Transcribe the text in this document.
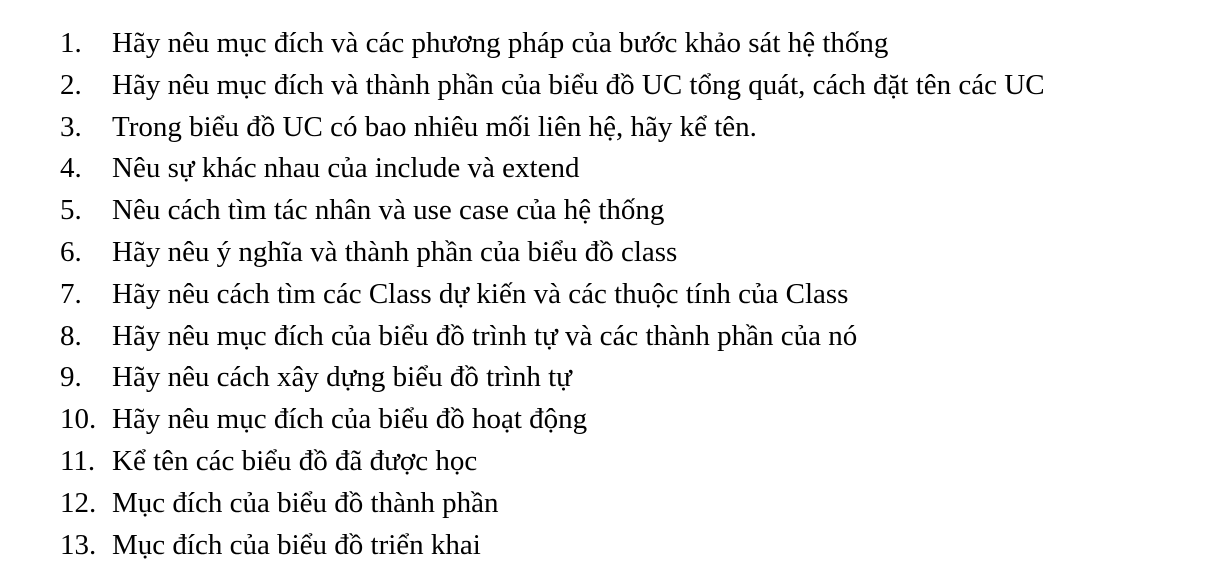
1.	Hãy nêu mục đích và các phương pháp của bước khảo sát hệ thống
2.	Hãy nêu mục đích và thành phần của biểu đồ UC tổng quát, cách đặt tên các UC
3.	Trong biểu đồ UC có bao nhiêu mối liên hệ, hãy kể tên.
4.	Nêu sự khác nhau của include và extend
5.	Nêu cách tìm tác nhân và use case của hệ thống
6.	Hãy nêu ý nghĩa và thành phần của biểu đồ class
7.	Hãy nêu cách tìm các Class dự kiến và các thuộc tính của Class
8.	Hãy nêu mục đích của biểu đồ trình tự và các thành phần của nó
9.	Hãy nêu cách xây dựng biểu đồ trình tự
10. Hãy nêu mục đích của biểu đồ hoạt động
11. Kể tên các biểu đồ đã được học
12. Mục đích của biểu đồ thành phần
13. Mục đích của biểu đồ triển khai
